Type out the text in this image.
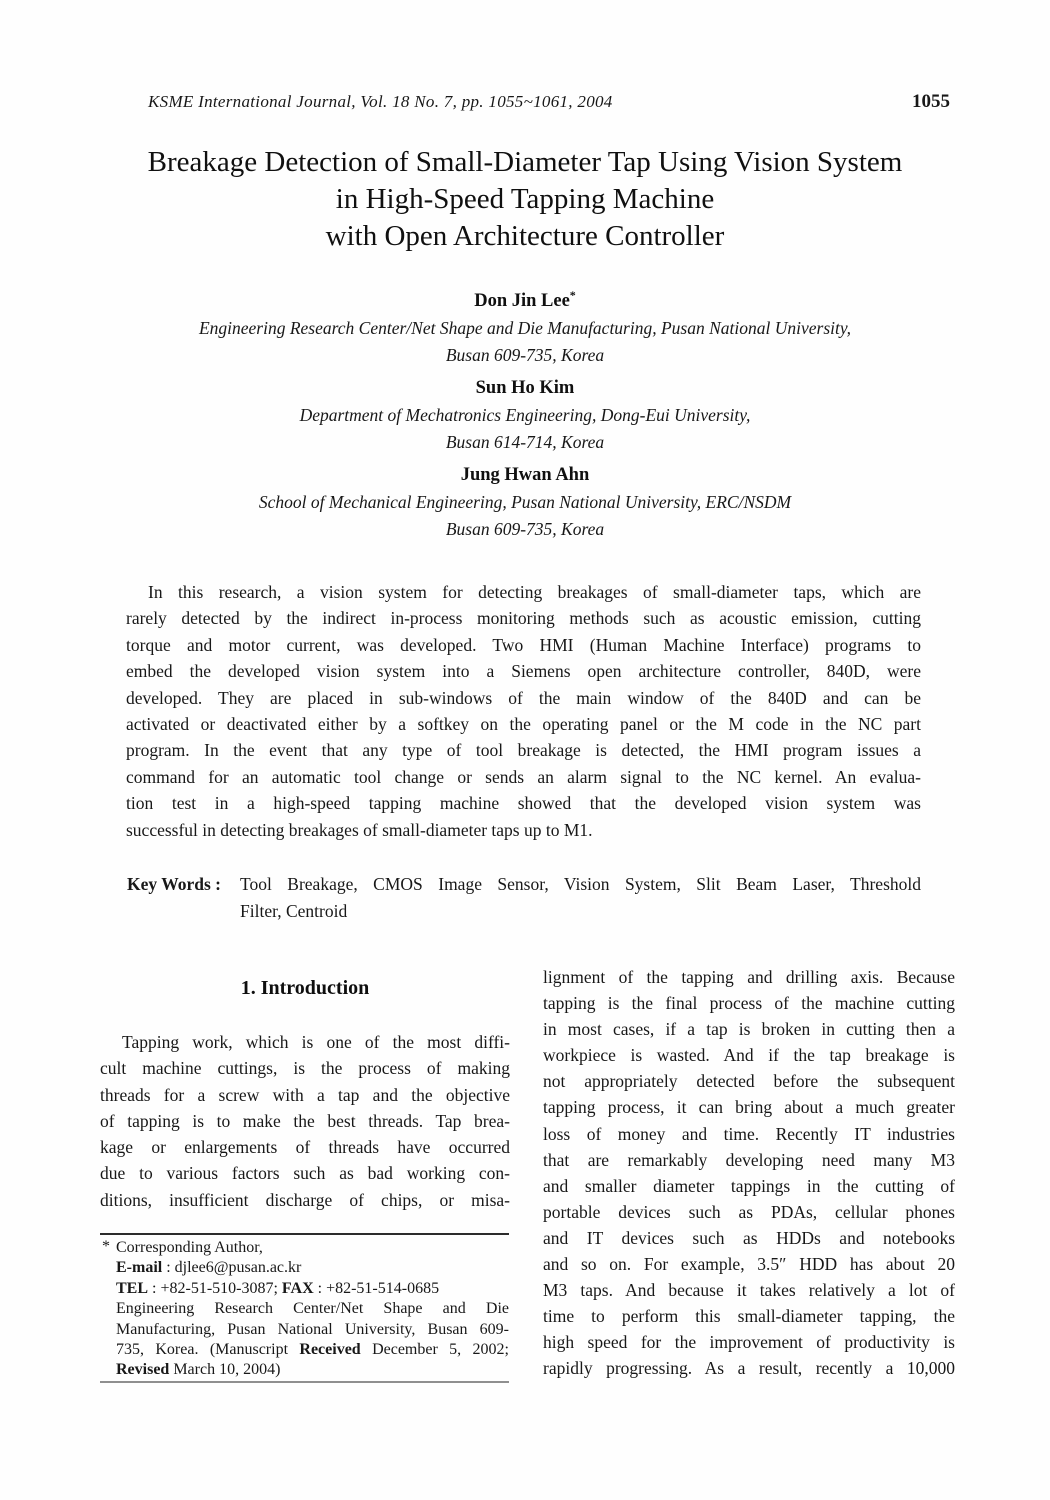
KSME International Journal, Vol. 18 No. 7, pp. 1055~1061, 2004	1055
Breakage Detection of Small-Diameter Tap Using Vision System
in High-Speed Tapping Machine
with Open Architecture Controller
Don Jin Lee*
Engineering Research Center/Net Shape and Die Manufacturing, Pusan National University,
Busan 609-735, Korea
Sun Ho Kim
Department of Mechatronics Engineering, Dong-Eui University,
Busan 614-714, Korea
Jung Hwan Ahn
School of Mechanical Engineering, Pusan National University, ERC/NSDM
Busan 609-735, Korea
In this research, a vision system for detecting breakages of small-diameter taps, which are
rarely detected by the indirect in-process monitoring methods such as acoustic emission, cutting
torque and motor current, was developed. Two HMI (Human Machine Interface) programs to
embed the developed vision system into a Siemens open architecture controller, 840D, were
developed. They are placed in sub-windows of the main window of the 840D and can be
activated or deactivated either by a softkey on the operating panel or the M code in the NC part
program. In the event that any type of tool breakage is detected, the HMI program issues a
command for an automatic tool change or sends an alarm signal to the NC kernel. An evalua-
tion test in a high-speed tapping machine showed that the developed vision system was
successful in detecting breakages of small-diameter taps up to M1.
Key Words : Tool Breakage, CMOS Image Sensor, Vision System, Slit Beam Laser, Threshold
Filter, Centroid
1. Introduction
Tapping work, which is one of the most diffi-
cult machine cuttings, is the process of making
threads for a screw with a tap and the objective
of tapping is to make the best threads. Tap brea-
kage or enlargements of threads have occurred
due to various factors such as bad working con-
ditions, insufficient discharge of chips, or misa-
lignment of the tapping and drilling axis. Because
tapping is the final process of the machine cutting
in most cases, if a tap is broken in cutting then a
workpiece is wasted. And if the tap breakage is
not appropriately detected before the subsequent
tapping process, it can bring about a much greater
loss of money and time. Recently IT industries
that are remarkably developing need many M3
and smaller diameter tappings in the cutting of
portable devices such as PDAs, cellular phones
and IT devices such as HDDs and notebooks
and so on. For example, 3.5″ HDD has about 20
M3 taps. And because it takes relatively a lot of
time to perform this small-diameter tapping, the
high speed for the improvement of productivity is
rapidly progressing. As a result, recently a 10,000
* Corresponding Author,
E-mail : djlee6@pusan.ac.kr
TEL : +82-51-510-3087; FAX : +82-51-514-0685
Engineering Research Center/Net Shape and Die
Manufacturing, Pusan National University, Busan 609-
735, Korea. (Manuscript Received December 5, 2002;
Revised March 10, 2004)
